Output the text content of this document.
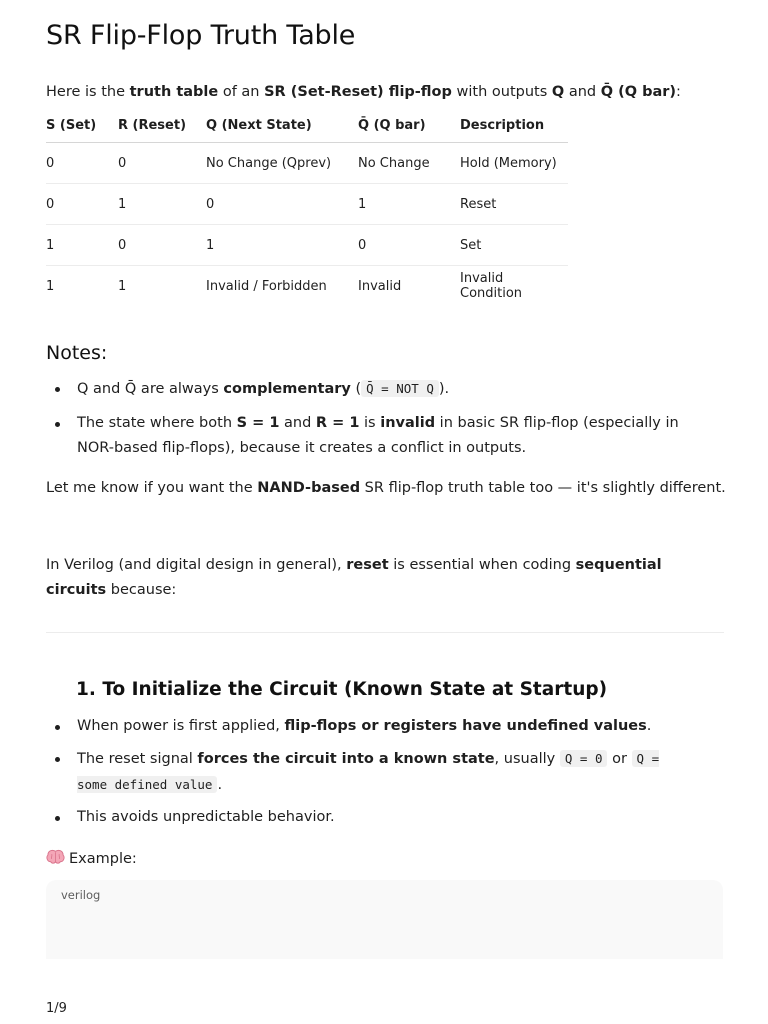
SR Flip-Flop Truth Table

Here is the truth table of an SR (Set-Reset) flip-flop with outputs Q and Q̄ (Q bar):

S (Set)	R (Reset)	Q (Next State)	Q̄ (Q bar)	Description
0	0	No Change (Qprev)	No Change	Hold (Memory)
0	1	0	1	Reset
1	0	1	0	Set
1	1	Invalid / Forbidden	Invalid	Invalid Condition
Notes:
Q and Q̄ are always complementary ( Q̄ = NOT Q ).
The state where both S = 1 and R = 1 is invalid in basic SR flip-flop (especially in NOR-based flip-flops), because it creates a conflict in outputs.

Let me know if you want the NAND-based SR flip-flop truth table too — it's slightly different.

In Verilog (and digital design in general), reset is essential when coding sequential circuits because:

1. To Initialize the Circuit (Known State at Startup)
When power is first applied, flip-flops or registers have undefined values.
The reset signal forces the circuit into a known state, usually Q = 0 or Q = some defined value .
This avoids unpredictable behavior.

Example:

verilog
1/9
